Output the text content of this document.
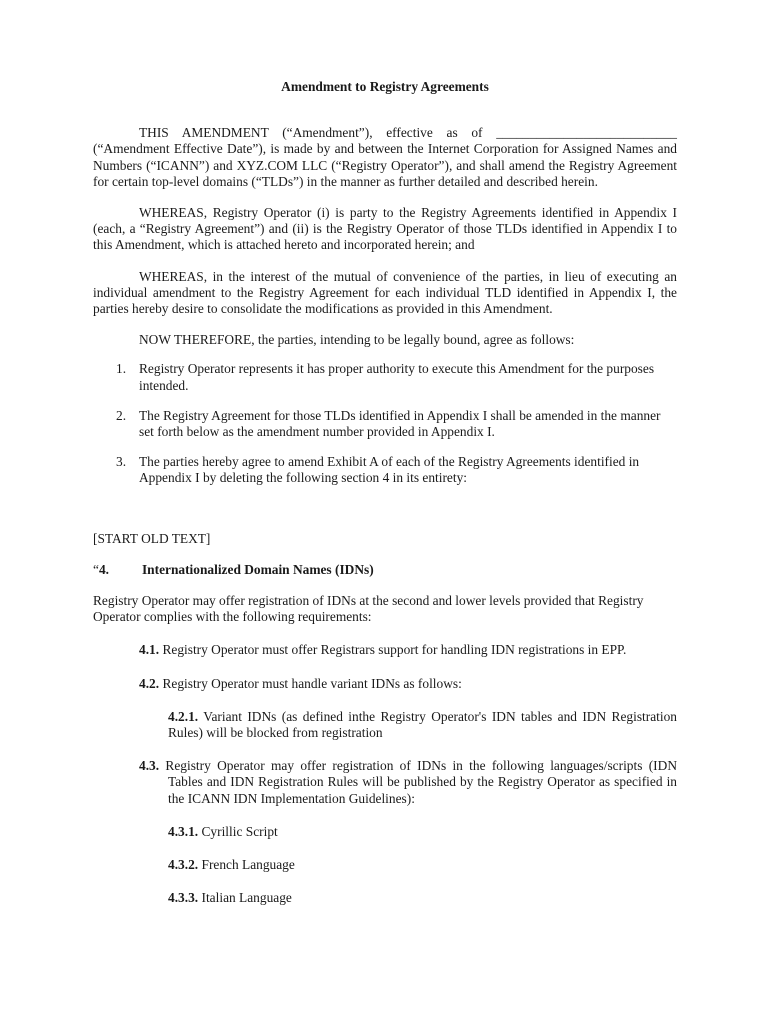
Amendment to Registry Agreements

THIS AMENDMENT (“Amendment”), effective as of ___________________________ (“Amendment Effective Date”), is made by and between the Internet Corporation for Assigned Names and Numbers (“ICANN”) and XYZ.COM LLC (“Registry Operator”), and shall amend the Registry Agreement for certain top-level domains (“TLDs”) in the manner as further detailed and described herein.

WHEREAS, Registry Operator (i) is party to the Registry Agreements identified in Appendix I (each, a “Registry Agreement”) and (ii) is the Registry Operator of those TLDs identified in Appendix I to this Amendment, which is attached hereto and incorporated herein; and

WHEREAS, in the interest of the mutual of convenience of the parties, in lieu of executing an individual amendment to the Registry Agreement for each individual TLD identified in Appendix I, the parties hereby desire to consolidate the modifications as provided in this Amendment.

NOW THEREFORE, the parties, intending to be legally bound, agree as follows:

1. Registry Operator represents it has proper authority to execute this Amendment for the purposes intended.
2. The Registry Agreement for those TLDs identified in Appendix I shall be amended in the manner set forth below as the amendment number provided in Appendix I.
3. The parties hereby agree to amend Exhibit A of each of the Registry Agreements identified in Appendix I by deleting the following section 4 in its entirety:

[START OLD TEXT]

“4. Internationalized Domain Names (IDNs)

Registry Operator may offer registration of IDNs at the second and lower levels provided that Registry Operator complies with the following requirements:

4.1. Registry Operator must offer Registrars support for handling IDN registrations in EPP.

4.2. Registry Operator must handle variant IDNs as follows:

4.2.1. Variant IDNs (as defined inthe Registry Operator's IDN tables and IDN Registration Rules) will be blocked from registration

4.3. Registry Operator may offer registration of IDNs in the following languages/scripts (IDN Tables and IDN Registration Rules will be published by the Registry Operator as specified in the ICANN IDN Implementation Guidelines):

4.3.1. Cyrillic Script

4.3.2. French Language

4.3.3. Italian Language
